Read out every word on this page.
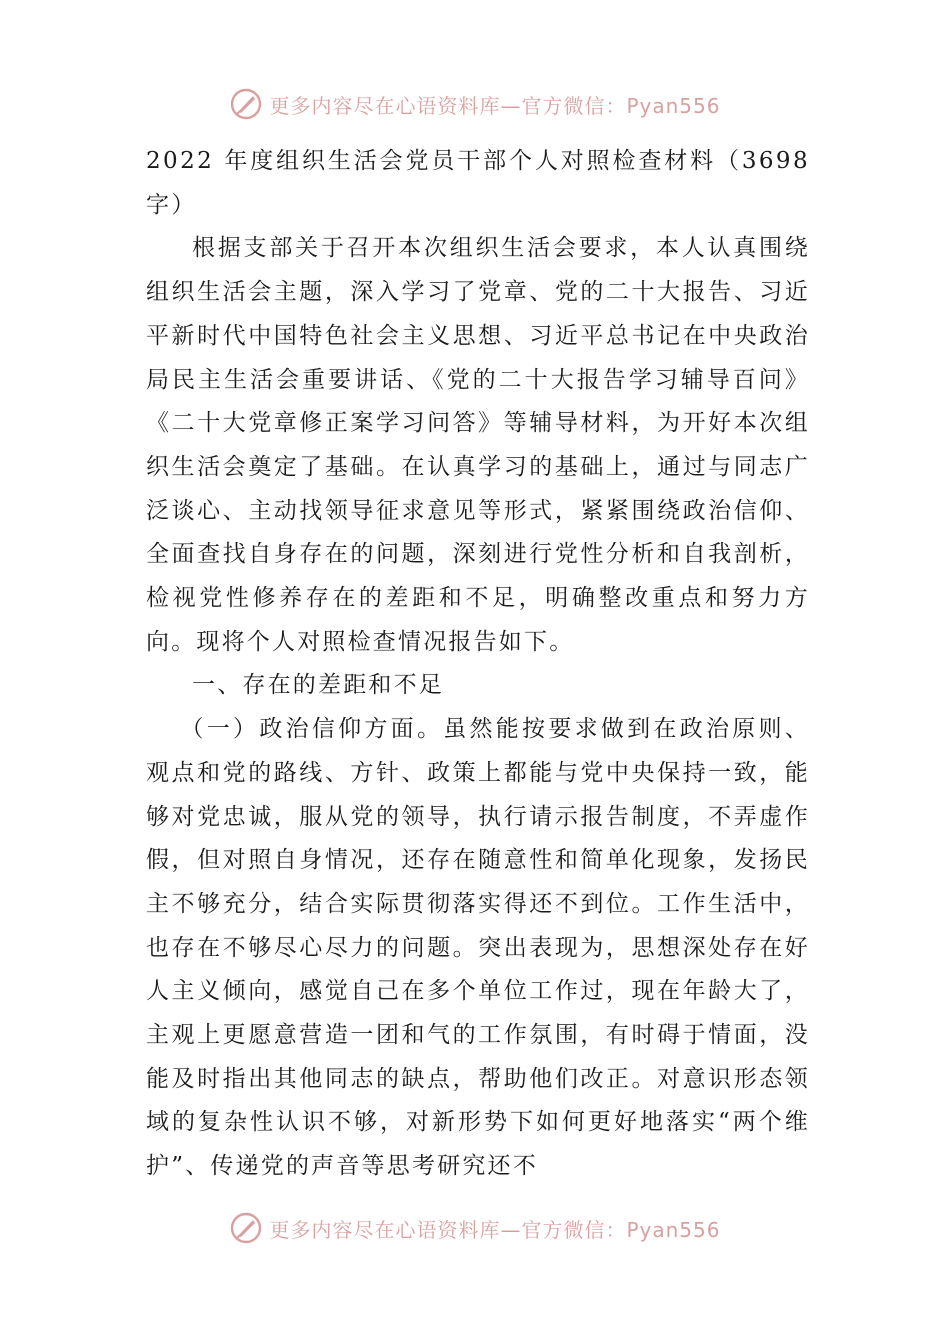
更多内容尽在心语资料库 —官方微信：Pyan556

2022 年度组织生活会党员干部个人对照检查材料（3698 字）

根据支部关于召开本次组织生活会要求，本人认真围绕组织生活会主题，深入学习了党章、党的二十大报告、习近平新时代中国特色社会主义思想、习近平总书记在中央政治局民主生活会重要讲话、《党的二十大报告学习辅导百问》《二十大党章修正案学习问答》等辅导材料，为开好本次组织生活会奠定了基础。在认真学习的基础上，通过与同志广泛谈心、主动找领导征求意见等形式，紧紧围绕政治信仰、全面查找自身存在的问题，深刻进行党性分析和自我剖析，检视党性修养存在的差距和不足，明确整改重点和努力方向。现将个人对照检查情况报告如下。

一、存在的差距和不足

（一）政治信仰方面。虽然能按要求做到在政治原则、观点和党的路线、方针、政策上都能与党中央保持一致，能够对党忠诚，服从党的领导，执行请示报告制度，不弄虚作假，但对照自身情况，还存在随意性和简单化现象，发扬民主不够充分，结合实际贯彻落实得还不到位。工作生活中，也存在不够尽心尽力的问题。突出表现为，思想深处存在好人主义倾向，感觉自己在多个单位工作过，现在年龄大了，主观上更愿意营造一团和气的工作氛围，有时碍于情面，没能及时指出其他同志的缺点，帮助他们改正。对意识形态领域的复杂性认识不够，对新形势下如何更好地落实“两个维护”、传递党的声音等思考研究还不

更多内容尽在心语资料库 —官方微信：Pyan556
